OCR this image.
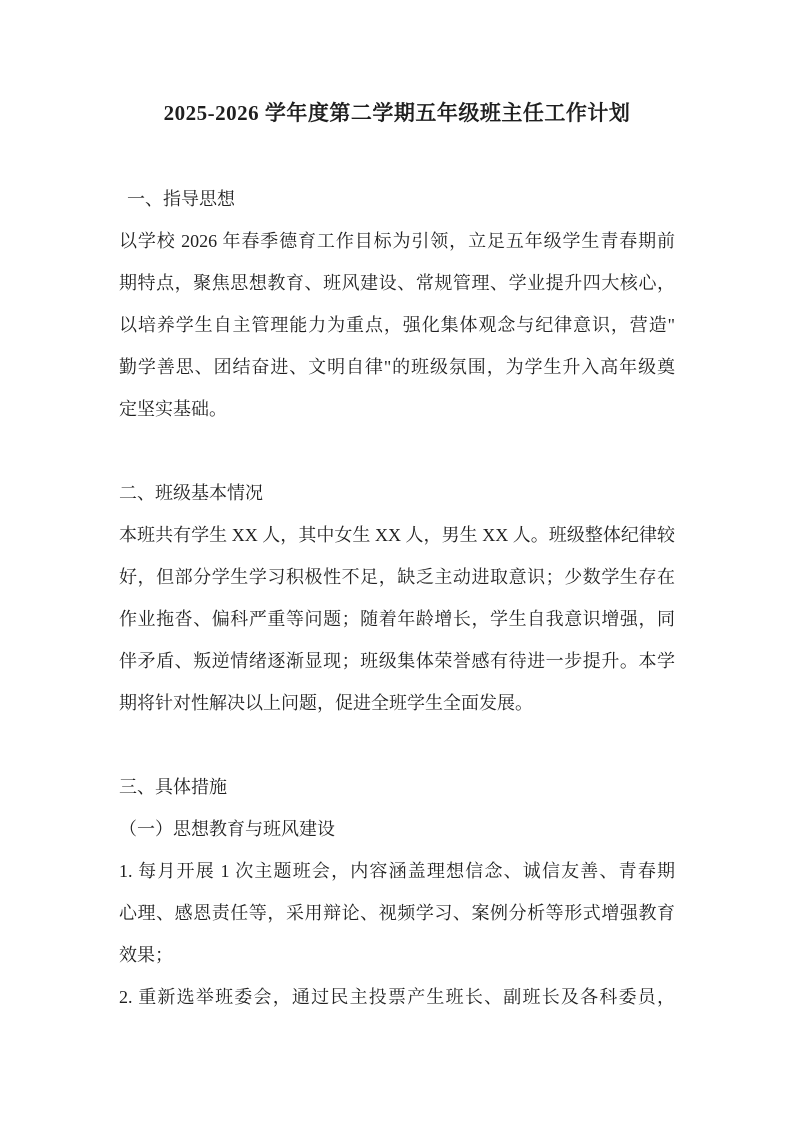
2025-2026 学年度第二学期五年级班主任工作计划
一、指导思想
以学校 2026 年春季德育工作目标为引领，立足五年级学生青春期前
期特点，聚焦思想教育、班风建设、常规管理、学业提升四大核心，
以培养学生自主管理能力为重点，强化集体观念与纪律意识，营造"
勤学善思、团结奋进、文明自律"的班级氛围，为学生升入高年级奠
定坚实基础。
二、班级基本情况
本班共有学生 XX 人，其中女生 XX 人，男生 XX 人。班级整体纪律较
好，但部分学生学习积极性不足，缺乏主动进取意识；少数学生存在
作业拖沓、偏科严重等问题；随着年龄增长，学生自我意识增强，同
伴矛盾、叛逆情绪逐渐显现；班级集体荣誉感有待进一步提升。本学
期将针对性解决以上问题，促进全班学生全面发展。
三、具体措施
（一）思想教育与班风建设
1. 每月开展 1 次主题班会，内容涵盖理想信念、诚信友善、青春期
心理、感恩责任等，采用辩论、视频学习、案例分析等形式增强教育
效果；
2. 重新选举班委会，通过民主投票产生班长、副班长及各科委员，
